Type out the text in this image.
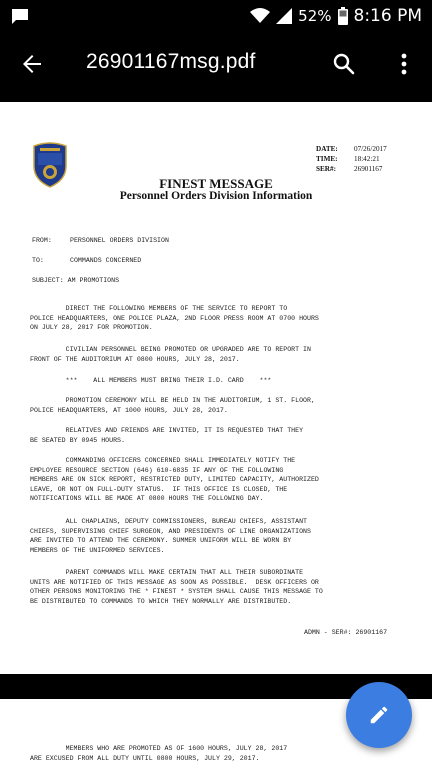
52% 8:16 PM
26901167msg.pdf
DATE:	07/26/2017
TIME:	18:42:21
SER#:	26901167
FINEST MESSAGE
Personnel Orders Division Information
FROM:	PERSONNEL ORDERS DIVISION
TO:	COMMANDS CONCERNED
SUBJECT: AM PROMOTIONS
DIRECT THE FOLLOWING MEMBERS OF THE SERVICE TO REPORT TO
POLICE HEADQUARTERS, ONE POLICE PLAZA, 2ND FLOOR PRESS ROOM AT 0700 HOURS
ON JULY 28, 2017 FOR PROMOTION.
CIVILIAN PERSONNEL BEING PROMOTED OR UPGRADED ARE TO REPORT IN
FRONT OF THE AUDITORIUM AT 0800 HOURS, JULY 28, 2017.
***    ALL MEMBERS MUST BRING THEIR I.D. CARD    ***
PROMOTION CEREMONY WILL BE HELD IN THE AUDITORIUM, 1 ST. FLOOR,
POLICE HEADQUARTERS, AT 1000 HOURS, JULY 28, 2017.
RELATIVES AND FRIENDS ARE INVITED, IT IS REQUESTED THAT THEY
BE SEATED BY 0945 HOURS.
COMMANDING OFFICERS CONCERNED SHALL IMMEDIATELY NOTIFY THE
EMPLOYEE RESOURCE SECTION (646) 610-6835 IF ANY OF THE FOLLOWING
MEMBERS ARE ON SICK REPORT, RESTRICTED DUTY, LIMITED CAPACITY, AUTHORIZED
LEAVE, OR NOT ON FULL-DUTY STATUS.  IF THIS OFFICE IS CLOSED, THE
NOTIFICATIONS WILL BE MADE AT 0800 HOURS THE FOLLOWING DAY.
ALL CHAPLAINS, DEPUTY COMMISSIONERS, BUREAU CHIEFS, ASSISTANT
CHIEFS, SUPERVISING CHIEF SURGEON, AND PRESIDENTS OF LINE ORGANIZATIONS
ARE INVITED TO ATTEND THE CEREMONY. SUMMER UNIFORM WILL BE WORN BY
MEMBERS OF THE UNIFORMED SERVICES.
PARENT COMMANDS WILL MAKE CERTAIN THAT ALL THEIR SUBORDINATE
UNITS ARE NOTIFIED OF THIS MESSAGE AS SOON AS POSSIBLE.  DESK OFFICERS OR
OTHER PERSONS MONITORING THE * FINEST * SYSTEM SHALL CAUSE THIS MESSAGE TO
BE DISTRIBUTED TO COMMANDS TO WHICH THEY NORMALLY ARE DISTRIBUTED.
ADMN - SER#: 26901167
MEMBERS WHO ARE PROMOTED AS OF 1600 HOURS, JULY 28, 2017
ARE EXCUSED FROM ALL DUTY UNTIL 0800 HOURS, JULY 29, 2017.
